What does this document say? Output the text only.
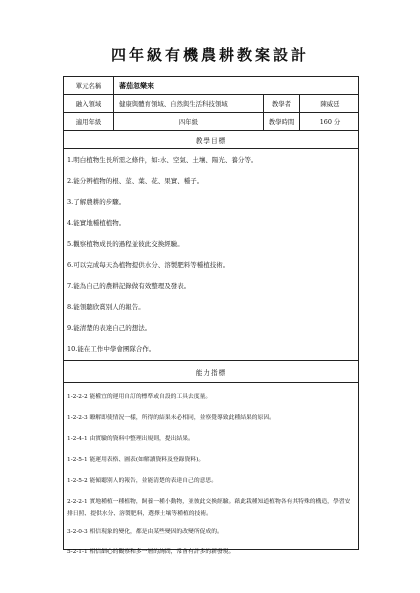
四年級有機農耕教案設計
單元名稱	蕃茄忽樂來
融入領域	健康與體育領域、自然與生活科技領域	教學者	陳威廷
適用年級	四年級	教學時間	160 分
教學目標
1.明白植物生長所需之條件，如:水、空氣、土壤、陽光、養分等。
2.能分辨植物的根、莖、葉、花、果實、種子。
3.了解農耕的步驟。
4.能實地種植植物。
5.觀察植物成長的過程並彼此交換經驗。
6.可以完成每天為植物提供水分、溶製肥料等種植技術。
7.能為自己的農耕記錄做有效整理及發表。
8.能領聽欣賞別人的報告。
9.能清楚的表達自己的想法。
10.能在工作中學會團隊合作。
能力指標
1-2-2-2 能權宜的運用自訂的標準或自設的工具去度量。
1-2-2-3 瞭解即使情況一樣，所得的結果未必相同，並察覺導致此種結果的原因。
1-2-4-1 由實驗的資料中整理出規則，提出結果。
1-2-5-1 能運用表格、圖表(如解讀資料及登錄資料)。
1-2-5-2 能傾聽別人的報告，並能清楚的表達自己的意思。
2-2-2-1 實地種植一種植物，飼養一種小動物，並彼此交換經驗。藉此栽種知道植物各有其特殊的構造，學習安排日照、提供水分、溶製肥料，選擇土壤等種植的技術。
3-2-0-3 相信現象的變化，都是由某些變因的改變所促成的。
5-2-1-1 相信細心的觀察和多一層的詢問，常會有許多的新發現。
